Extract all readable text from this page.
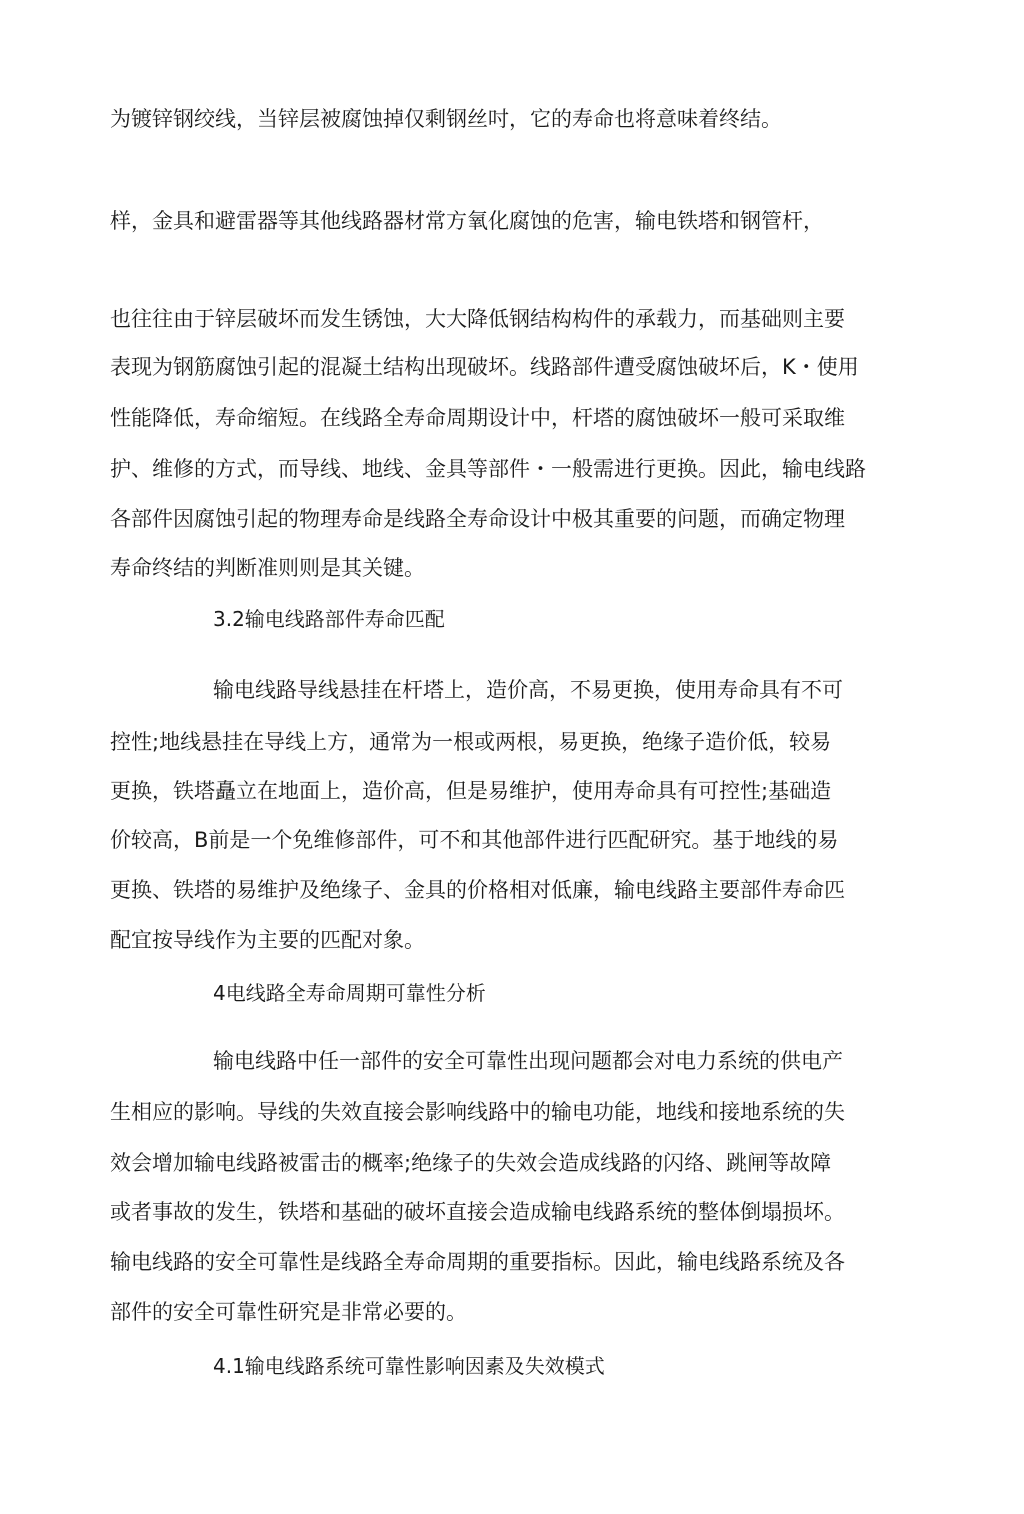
为镀锌钢绞线，当锌层被腐蚀掉仅剩钢丝吋，它的寿命也将意味着终结。
样，金具和避雷器等其他线路器材常方氧化腐蚀的危害，输电铁塔和钢管杆，
也往往由于锌层破坏而发生锈蚀，大大降低钢结构构件的承载力，而基础则主要
表现为钢筋腐蚀引起的混凝土结构出现破坏。线路部件遭受腐蚀破坏后，K・使用
性能降低，寿命缩短。在线路全寿命周期设计中，杆塔的腐蚀破坏一般可采取维
护、维修的方式，而导线、地线、金具等部件・一般需进行更换。因此，输电线路
各部件因腐蚀引起的物理寿命是线路全寿命设计中极其重要的问题，而确定物理
寿命终结的判断准则则是其关键。
3.2输电线路部件寿命匹配
输电线路导线悬挂在杆塔上，造价高，不易更换，使用寿命具有不可
控性;地线悬挂在导线上方，通常为一根或两根，易更换，绝缘子造价低，较易
更换，铁塔矗立在地面上，造价高，但是易维护，使用寿命具有可控性;基础造
价较高，B前是一个免维修部件，可不和其他部件进行匹配研究。基于地线的易
更换、铁塔的易维护及绝缘子、金具的价格相对低廉，输电线路主要部件寿命匹
配宜按导线作为主要的匹配对象。
4电线路全寿命周期可靠性分析
输电线路中任一部件的安全可靠性出现问题都会对电力系统的供电产
生相应的影响。导线的失效直接会影响线路中的输电功能，地线和接地系统的失
效会增加输电线路被雷击的概率;绝缘子的失效会造成线路的闪络、跳闸等故障
或者事故的发生，铁塔和基础的破坏直接会造成输电线路系统的整体倒塌损坏。
输电线路的安全可靠性是线路全寿命周期的重要指标。因此，输电线路系统及各
部件的安全可靠性研究是非常必要的。
4.1输电线路系统可靠性影响因素及失效模式
